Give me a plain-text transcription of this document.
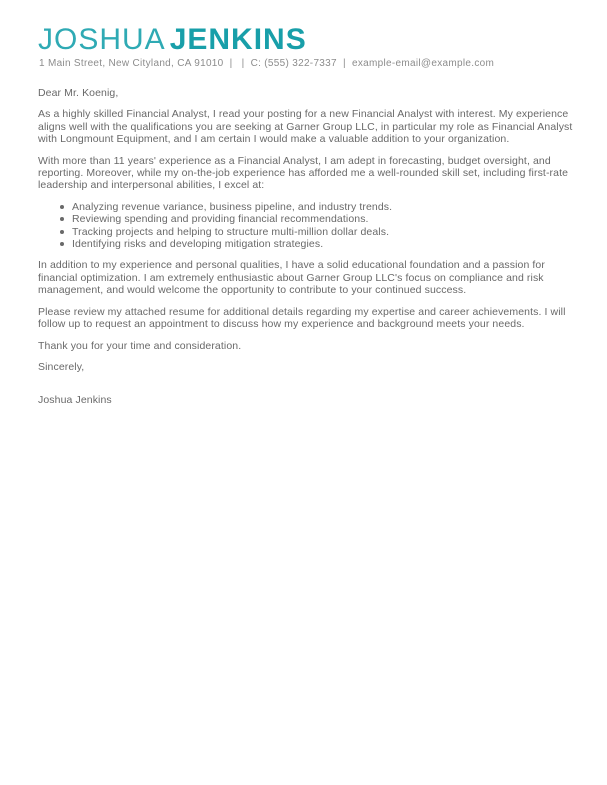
JOSHUA JENKINS
1 Main Street, New Cityland, CA 91010 | | C: (555) 322-7337 | example-email@example.com

Dear Mr. Koenig,

As a highly skilled Financial Analyst, I read your posting for a new Financial Analyst with interest. My experience aligns well with the qualifications you are seeking at Garner Group LLC, in particular my role as Financial Analyst with Longmount Equipment, and I am certain I would make a valuable addition to your organization.

With more than 11 years' experience as a Financial Analyst, I am adept in forecasting, budget oversight, and reporting. Moreover, while my on-the-job experience has afforded me a well-rounded skill set, including first-rate leadership and interpersonal abilities, I excel at:

Analyzing revenue variance, business pipeline, and industry trends.
Reviewing spending and providing financial recommendations.
Tracking projects and helping to structure multi-million dollar deals.
Identifying risks and developing mitigation strategies.

In addition to my experience and personal qualities, I have a solid educational foundation and a passion for financial optimization. I am extremely enthusiastic about Garner Group LLC's focus on compliance and risk management, and would welcome the opportunity to contribute to your continued success.

Please review my attached resume for additional details regarding my expertise and career achievements. I will follow up to request an appointment to discuss how my experience and background meets your needs.

Thank you for your time and consideration.

Sincerely,

Joshua Jenkins
